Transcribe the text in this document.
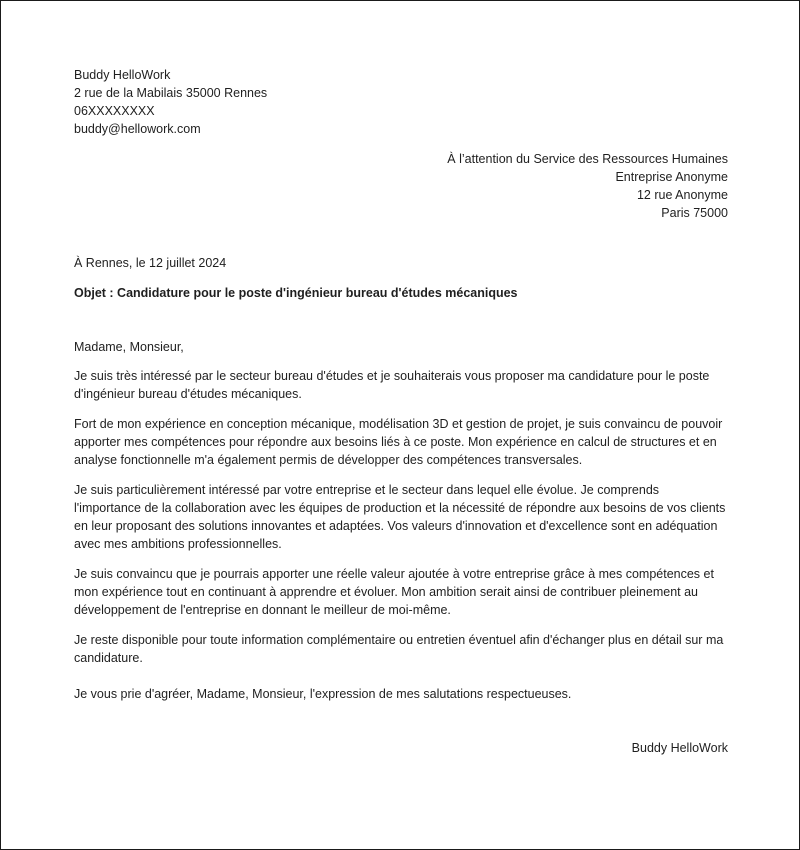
Buddy HelloWork

2 rue de la Mabilais 35000 Rennes

06XXXXXXXX

buddy@hellowork.com

À l’attention du Service des Ressources Humaines

Entreprise Anonyme

12 rue Anonyme

Paris 75000

À Rennes, le 12 juillet 2024

Objet : Candidature pour le poste d'ingénieur bureau d'études mécaniques

Madame, Monsieur,

Je suis très intéressé par le secteur bureau d'études et je souhaiterais vous proposer ma candidature pour le poste d'ingénieur bureau d'études mécaniques.

Fort de mon expérience en conception mécanique, modélisation 3D et gestion de projet, je suis convaincu de pouvoir apporter mes compétences pour répondre aux besoins liés à ce poste. Mon expérience en calcul de structures et en analyse fonctionnelle m'a également permis de développer des compétences transversales.

Je suis particulièrement intéressé par votre entreprise et le secteur dans lequel elle évolue. Je comprends l'importance de la collaboration avec les équipes de production et la nécessité de répondre aux besoins de vos clients en leur proposant des solutions innovantes et adaptées. Vos valeurs d'innovation et d'excellence sont en adéquation avec mes ambitions professionnelles.

Je suis convaincu que je pourrais apporter une réelle valeur ajoutée à votre entreprise grâce à mes compétences et mon expérience tout en continuant à apprendre et évoluer. Mon ambition serait ainsi de contribuer pleinement au développement de l'entreprise en donnant le meilleur de moi-même.

Je reste disponible pour toute information complémentaire ou entretien éventuel afin d'échanger plus en détail sur ma candidature.

Je vous prie d'agréer, Madame, Monsieur, l'expression de mes salutations respectueuses.

Buddy HelloWork
